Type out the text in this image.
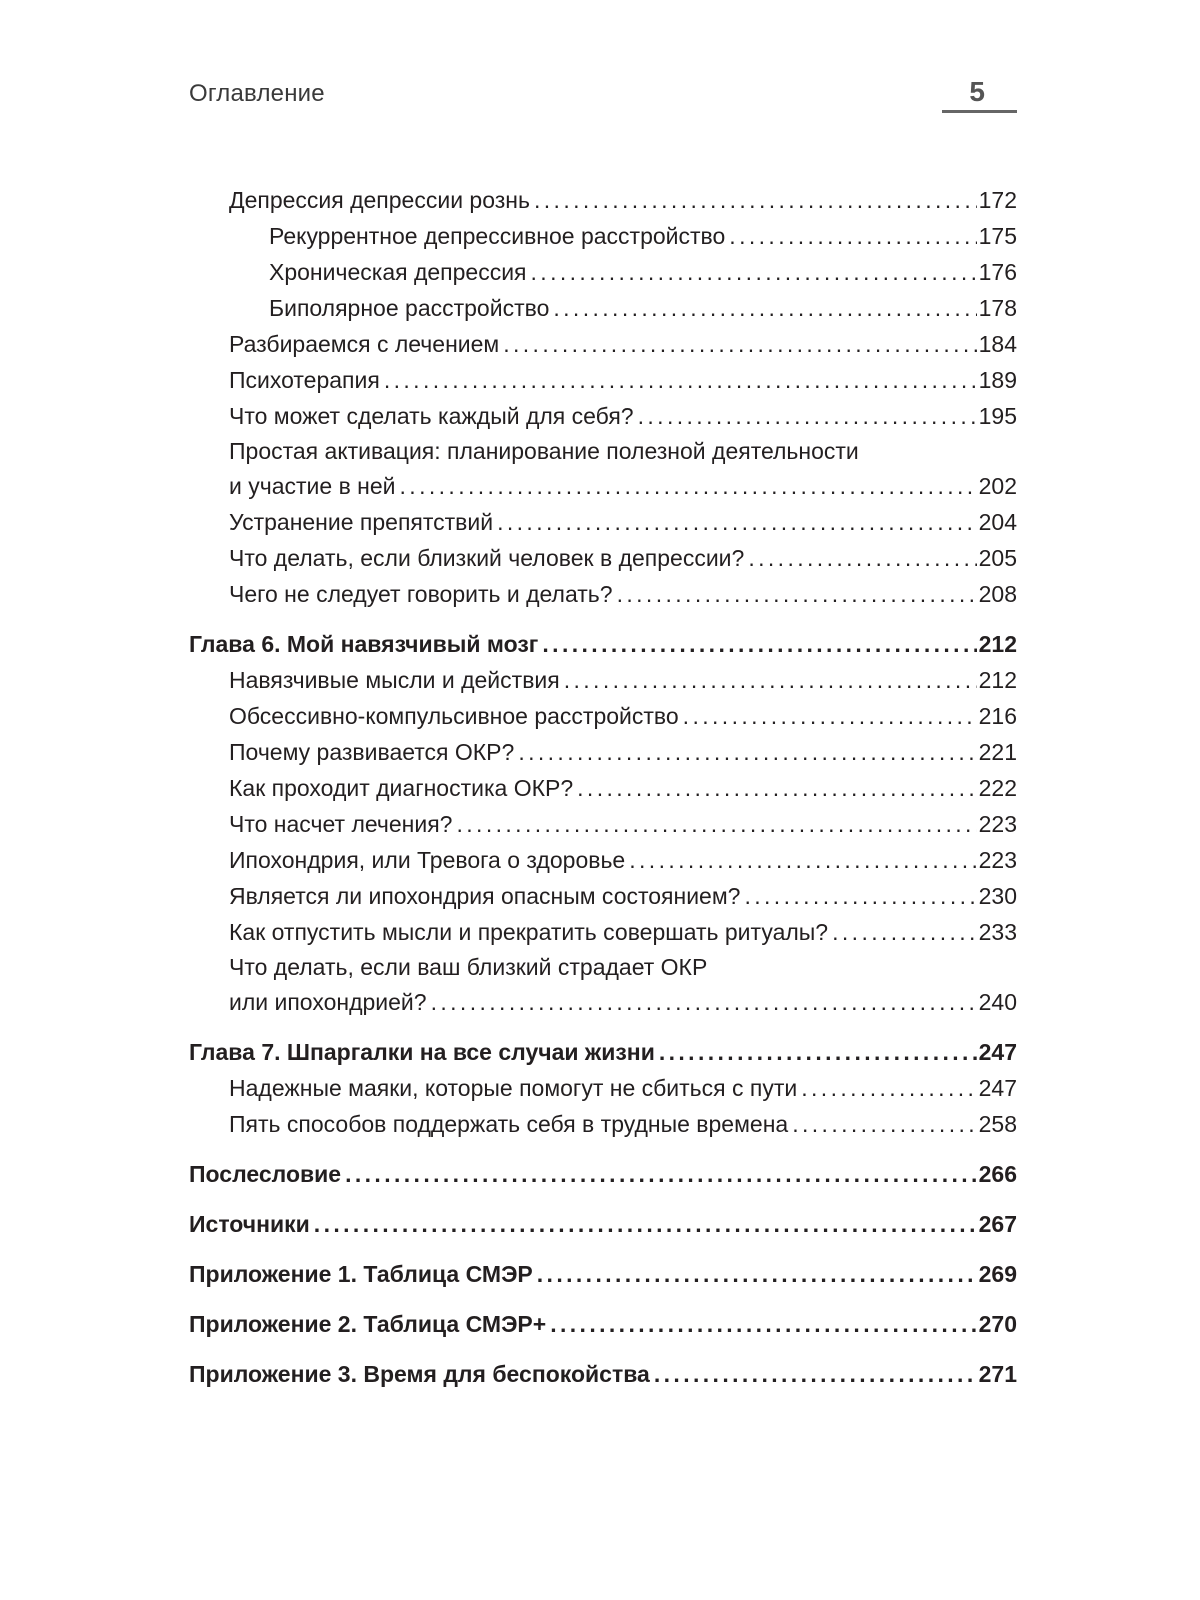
Оглавление	5
Депрессия депрессии рознь . . .	172
Рекуррентное депрессивное расстройство . . .	175
Хроническая депрессия . . .	176
Биполярное расстройство . . .	178
Разбираемся с лечением . . .	184
Психотерапия . . .	189
Что может сделать каждый для себя? . . .	195
Простая активация: планирование полезной деятельности
и участие в ней . . .	202
Устранение препятствий . . .	204
Что делать, если близкий человек в депрессии? . . .	205
Чего не следует говорить и делать? . . .	208
Глава 6. Мой навязчивый мозг . . .	212
Навязчивые мысли и действия . . .	212
Обсессивно-компульсивное расстройство . . .	216
Почему развивается ОКР? . . .	221
Как проходит диагностика ОКР? . . .	222
Что насчет лечения? . . .	223
Ипохондрия, или Тревога о здоровье . . .	223
Является ли ипохондрия опасным состоянием? . . .	230
Как отпустить мысли и прекратить совершать ритуалы? . . .	233
Что делать, если ваш близкий страдает ОКР
или ипохондрией? . . .	240
Глава 7. Шпаргалки на все случаи жизни . . .	247
Надежные маяки, которые помогут не сбиться с пути . . .	247
Пять способов поддержать себя в трудные времена . . .	258
Послесловие . . .	266
Источники . . .	267
Приложение 1. Таблица СМЭР . . .	269
Приложение 2. Таблица СМЭР+ . . .	270
Приложение 3. Время для беспокойства . . .	271
